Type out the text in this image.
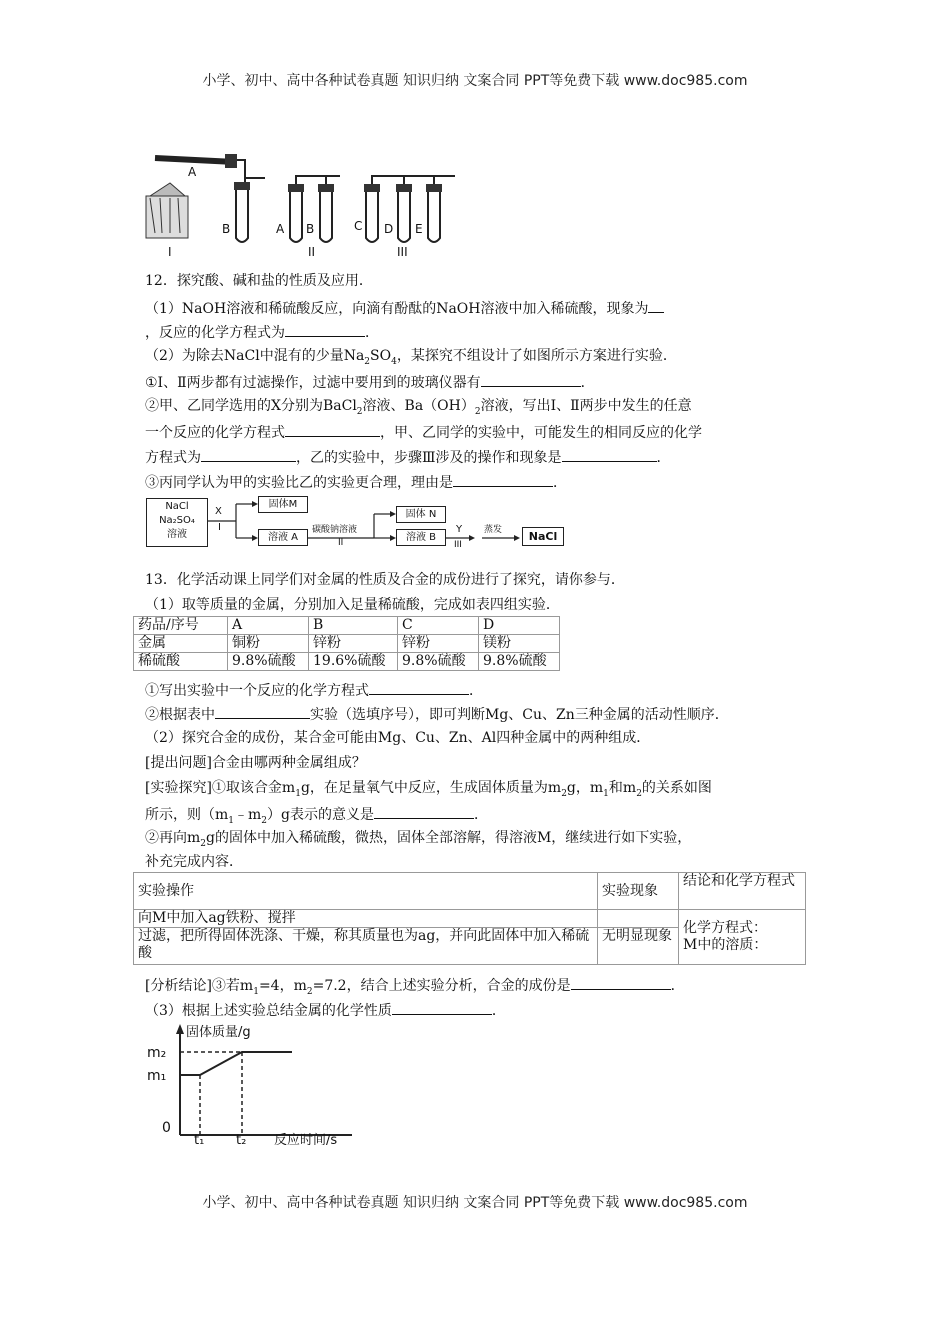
小学、初中、高中各种试卷真题 知识归纳 文案合同 PPT等免费下载 www.doc985.com
A
B	A B	C D E
I	II	III
12．探究酸、碱和盐的性质及应用．
（1）NaOH溶液和稀硫酸反应，向滴有酚酞的NaOH溶液中加入稀硫酸，现象为
，反应的化学方程式为	．
（2）为除去NaCl中混有的少量$Na_2SO_4$，某探究不组设计了如图所示方案进行实验．
①Ⅰ、Ⅱ两步都有过滤操作，过滤中要用到的玻璃仪器有	．
②甲、乙同学选用的X分别为BaCl$_2$溶液、$Ba(OH)_2$溶液，写出Ⅰ、Ⅱ两步中发生的任意
一个反应的化学方程式	，甲、乙同学的实验中，可能发生的相同反应的化学
方程式为	，乙的实验中，步骤Ⅲ涉及的操作和现象是	．
③丙同学认为甲的实验比乙的实验更合理，理由是	．
NaCl
Na₂SO₄
溶液
X
I
固体M
溶液 A
碳酸钠溶液
II
固体 N
溶液 B
Y
III
蒸发	NaCl
13．化学活动课上同学们对金属的性质及合金的成份进行了探究，请你参与．
（1）取等质量的金属，分别加入足量稀硫酸，完成如表四组实验．
药品/序号	A	B	C	D
金属	铜粉	锌粉	锌粉	镁粉
稀硫酸	9.8%硫酸	19.6%硫酸	9.8%硫酸	9.8%硫酸
①写出实验中一个反应的化学方程式	．
②根据表中	实验（选填序号），即可判断Mg、Cu、Zn三种金属的活动性顺序．
（2）探究合金的成份，某合金可能由Mg、Cu、Zn、Al四种金属中的两种组成．
[提出问题]合金由哪两种金属组成？
[实验探究]①取该合金$m_1g$，在足量氧气中反应，生成固体质量为$m_2g$，$m_1$和$m_2$的关系如图
所示，则$(m_1﹣m_2)g$表示的意义是	．
②再向$m_2g$的固体中加入稀硫酸，微热，固体全部溶解，得溶液M，继续进行如下实验，
补充完成内容．
实验操作	实验现象	结论和化学方程式
向M中加入ag铁粉、搅拌		化学方程式：
M中的溶质：

过滤，把所得固体洗涤、干燥，称其质量也为ag，并向此固体中加入稀硫酸	无明显现象	
[分析结论]③若$m_1=4$，$m_2=7.2$，结合上述实验分析，合金的成份是	．
（3）根据上述实验总结金属的化学性质	．
固体质量/g
m₂
m₁
0
t₁ t₂ 反应时间/s
小学、初中、高中各种试卷真题 知识归纳 文案合同 PPT等免费下载 www.doc985.com
